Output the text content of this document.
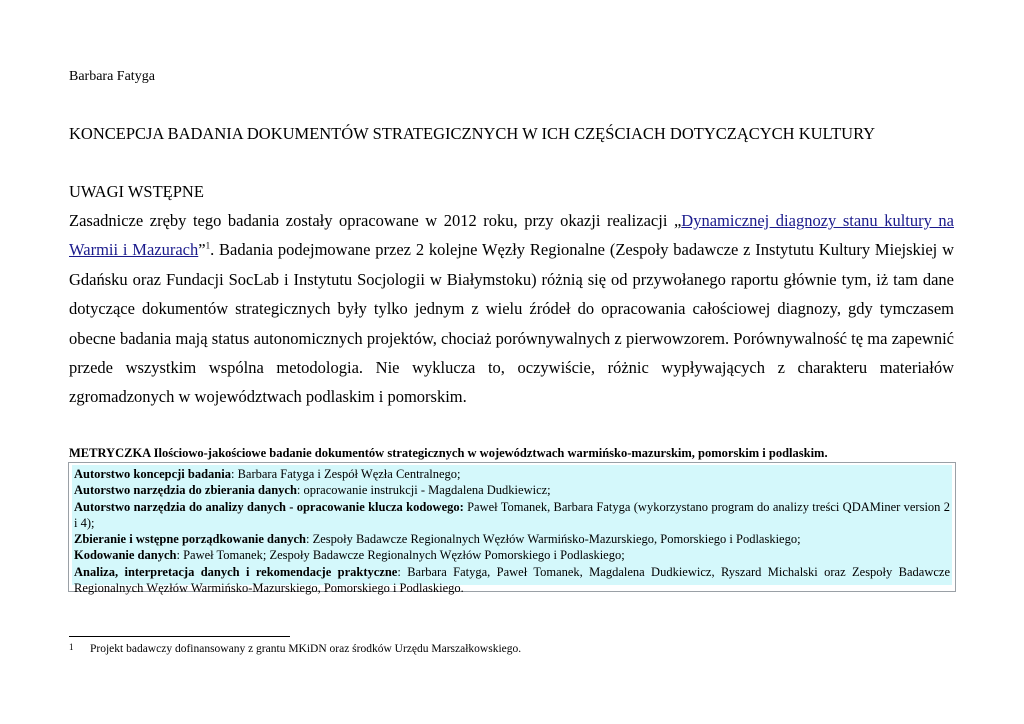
Barbara Fatyga
KONCEPCJA BADANIA DOKUMENTÓW STRATEGICZNYCH W ICH CZĘŚCIACH DOTYCZĄCYCH KULTURY
UWAGI WSTĘPNE
Zasadnicze zręby tego badania zostały opracowane w 2012 roku, przy okazji realizacji „Dynamicznej diagnozy stanu kultury na Warmii i Mazurach”$^1$. Badania podejmowane przez 2 kolejne Węzły Regionalne (Zespoły badawcze z Instytutu Kultury Miejskiej w Gdańsku oraz Fundacji SocLab i Instytutu Socjologii w Białymstoku) różnią się od przywołanego raportu głównie tym, iż tam dane dotyczące dokumentów strategicznych były tylko jednym z wielu źródeł do opracowania całościowej diagnozy, gdy tymczasem obecne badania mają status autonomicznych projektów, chociaż porównywalnych z pierwowzorem. Porównywalność tę ma zapewnić przede wszystkim wspólna metodologia. Nie wyklucza to, oczywiście, różnic wypływających z charakteru materiałów zgromadzonych w województwach podlaskim i pomorskim.
METRYCZKA Ilościowo-jakościowe badanie dokumentów strategicznych w województwach warmińsko-mazurskim, pomorskim i podlaskim.

Autorstwo koncepcji badania: Barbara Fatyga i Zespół Węzła Centralnego;

Autorstwo narzędzia do zbierania danych: opracowanie instrukcji - Magdalena Dudkiewicz;

Autorstwo narzędzia do analizy danych - opracowanie klucza kodowego: Paweł Tomanek, Barbara Fatyga (wykorzystano program do analizy treści QDAMiner version 2 i 4);

Zbieranie i wstępne porządkowanie danych: Zespoły Badawcze Regionalnych Węzłów Warmińsko-Mazurskiego, Pomorskiego i Podlaskiego;

Kodowanie danych: Paweł Tomanek; Zespoły Badawcze Regionalnych Węzłów Pomorskiego i Podlaskiego;

Analiza, interpretacja danych i rekomendacje praktyczne: Barbara Fatyga, Paweł Tomanek, Magdalena Dudkiewicz, Ryszard Michalski oraz Zespoły Badawcze Regionalnych Węzłów Warmińsko-Mazurskiego, Pomorskiego i Podlaskiego.

1 Projekt badawczy dofinansowany z grantu MKiDN oraz środków Urzędu Marszałkowskiego.
